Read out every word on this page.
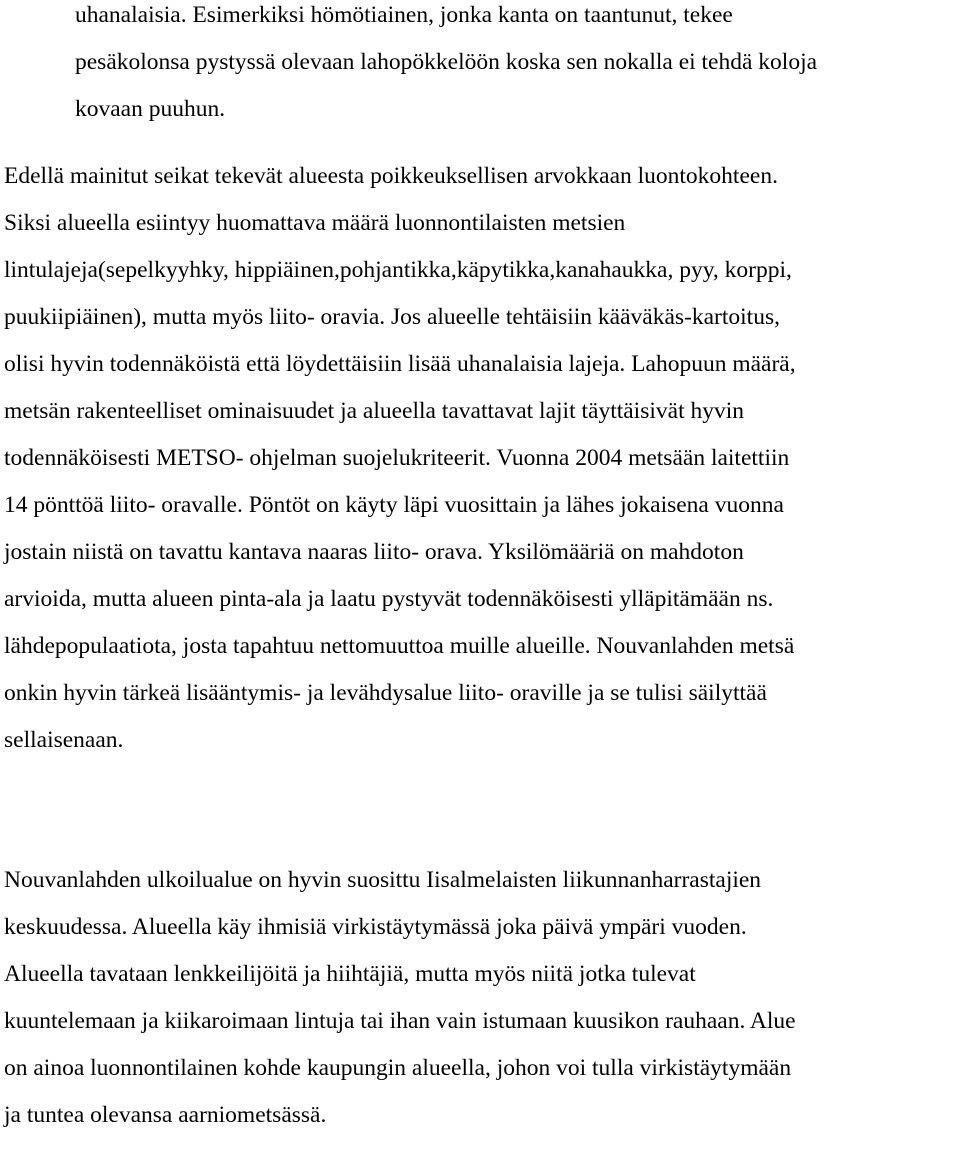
uhanalaisia. Esimerkiksi hömötiainen, jonka kanta on taantunut, tekee
pesäkolonsa pystyssä olevaan lahopökkelöön koska sen nokalla ei tehdä koloja
kovaan puuhun.
Edellä mainitut seikat tekevät alueesta poikkeuksellisen arvokkaan luontokohteen.
Siksi alueella esiintyy huomattava määrä luonnontilaisten metsien
lintulajeja(sepelkyyhky, hippiäinen,pohjantikka,käpytikka,kanahaukka, pyy, korppi,
puukiipiäinen), mutta myös liito- oravia. Jos alueelle tehtäisiin kääväkäs-kartoitus,
olisi hyvin todennäköistä että löydettäisiin lisää uhanalaisia lajeja. Lahopuun määrä,
metsän rakenteelliset ominaisuudet ja alueella tavattavat lajit täyttäisivät hyvin
todennäköisesti METSO- ohjelman suojelukriteerit. Vuonna 2004 metsään laitettiin
14 pönttöä liito- oravalle. Pöntöt on käyty läpi vuosittain ja lähes jokaisena vuonna
jostain niistä on tavattu kantava naaras liito- orava. Yksilömääriä on mahdoton
arvioida, mutta alueen pinta-ala ja laatu pystyvät todennäköisesti ylläpitämään ns.
lähdepopulaatiota, josta tapahtuu nettomuuttoa muille alueille. Nouvanlahden metsä
onkin hyvin tärkeä lisääntymis- ja levähdysalue liito- oraville ja se tulisi säilyttää
sellaisenaan.
Nouvanlahden ulkoilualue on hyvin suosittu Iisalmelaisten liikunnanharrastajien
keskuudessa. Alueella käy ihmisiä virkistäytymässä joka päivä ympäri vuoden.
Alueella tavataan lenkkeilijöitä ja hiihtäjiä, mutta myös niitä jotka tulevat
kuuntelemaan ja kiikaroimaan lintuja tai ihan vain istumaan kuusikon rauhaan. Alue
on ainoa luonnontilainen kohde kaupungin alueella, johon voi tulla virkistäytymään
ja tuntea olevansa aarniometsässä.
